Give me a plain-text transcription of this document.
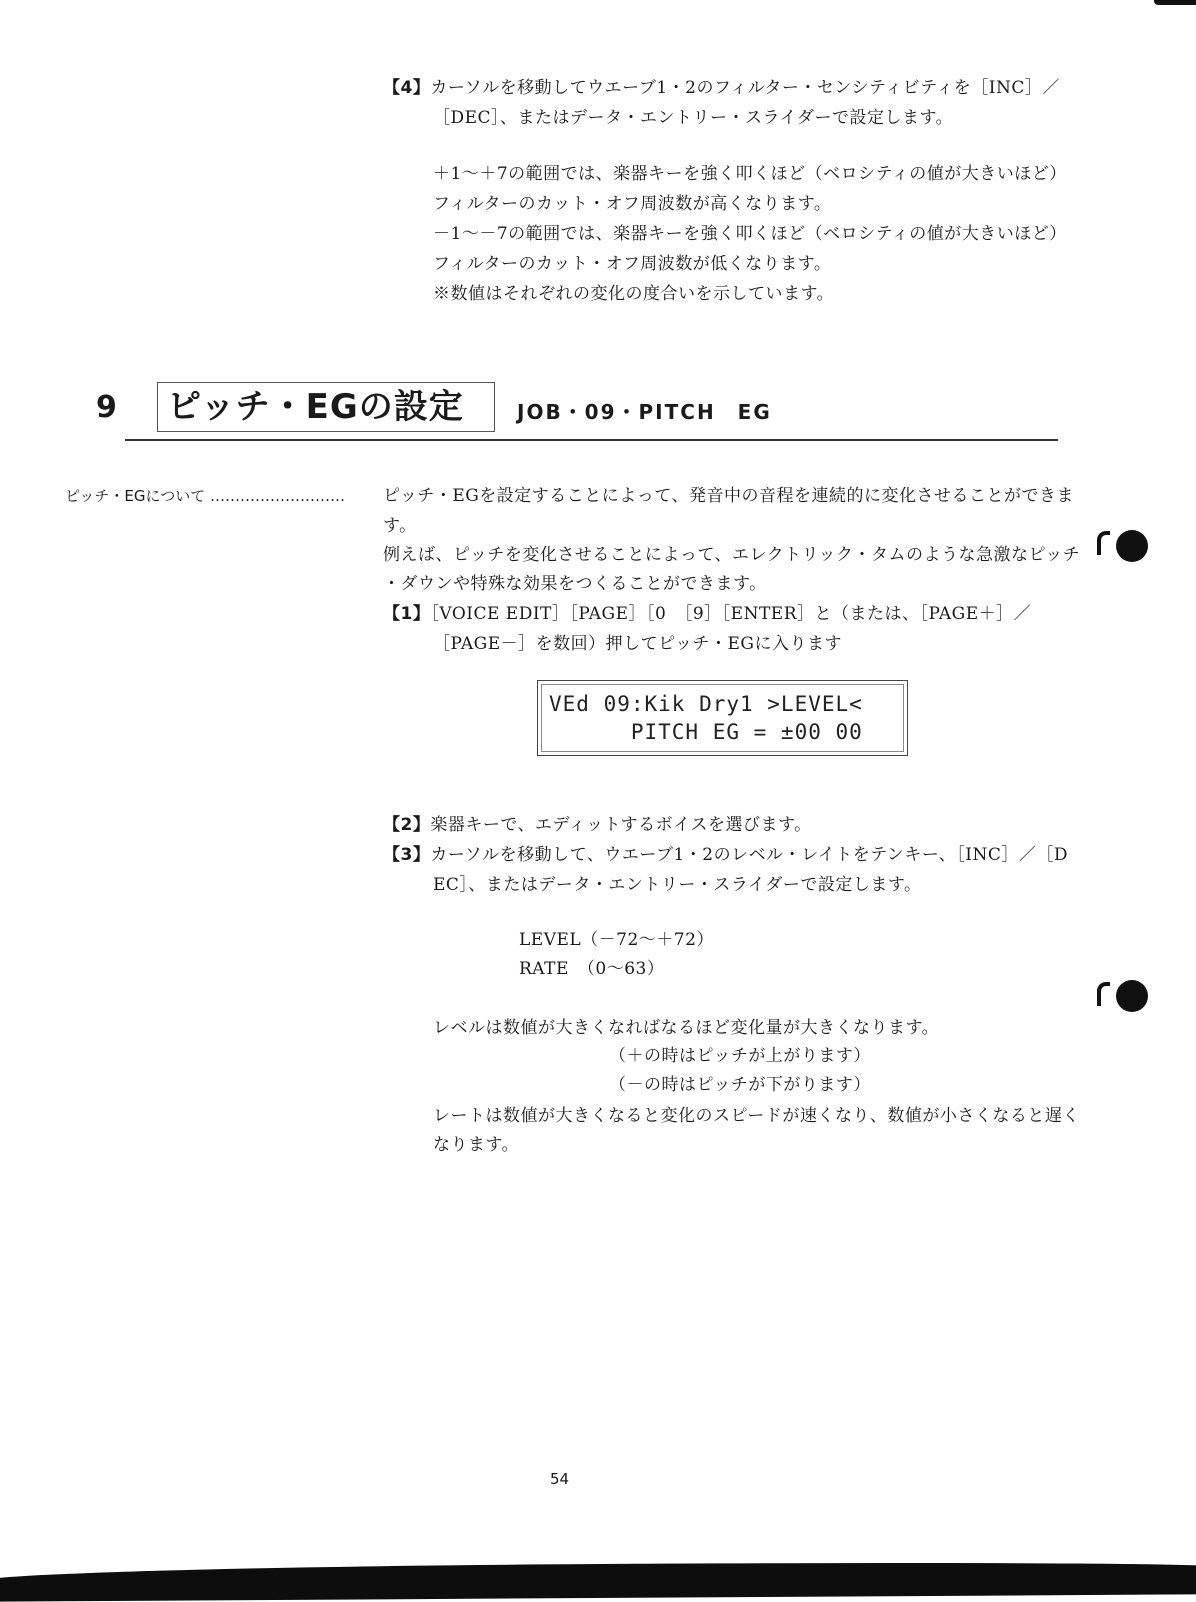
【4】カーソルを移動してウエーブ1・2のフィルター・センシティビティを［INC］／
［DEC］、またはデータ・エントリー・スライダーで設定します。
＋1～＋7の範囲では、楽器キーを強く叩くほど（ベロシティの値が大きいほど）
フィルターのカット・オフ周波数が高くなります。
－1～－7の範囲では、楽器キーを強く叩くほど（ベロシティの値が大きいほど）
フィルターのカット・オフ周波数が低くなります。
※数値はそれぞれの変化の度合いを示しています。
9 ピッチ・EGの設定	JOB・09・PITCH　EG
ピッチ・EGについて ……………………… ピッチ・EGを設定することによって、発音中の音程を連続的に変化させることができま
す。
例えば、ピッチを変化させることによって、エレクトリック・タムのような急激なピッチ
・ダウンや特殊な効果をつくることができます。
【1】［VOICE EDIT］［PAGE］［0　［9］［ENTER］と（または、［PAGE＋］／
［PAGE－］を数回）押してピッチ・EGに入ります
VEd 09:Kik Dry1 >LEVEL<
PITCH EG = ±00 00
【2】楽器キーで、エディットするボイスを選びます。
【3】カーソルを移動して、ウエーブ1・2のレベル・レイトをテンキー、［INC］／［D
EC］、またはデータ・エントリー・スライダーで設定します。
LEVEL（－72～＋72）
RATE　（0～63）
レベルは数値が大きくなればなるほど変化量が大きくなります。
（＋の時はピッチが上がります）
（－の時はピッチが下がります）
レートは数値が大きくなると変化のスピードが速くなり、数値が小さくなると遅く
なります。
54
